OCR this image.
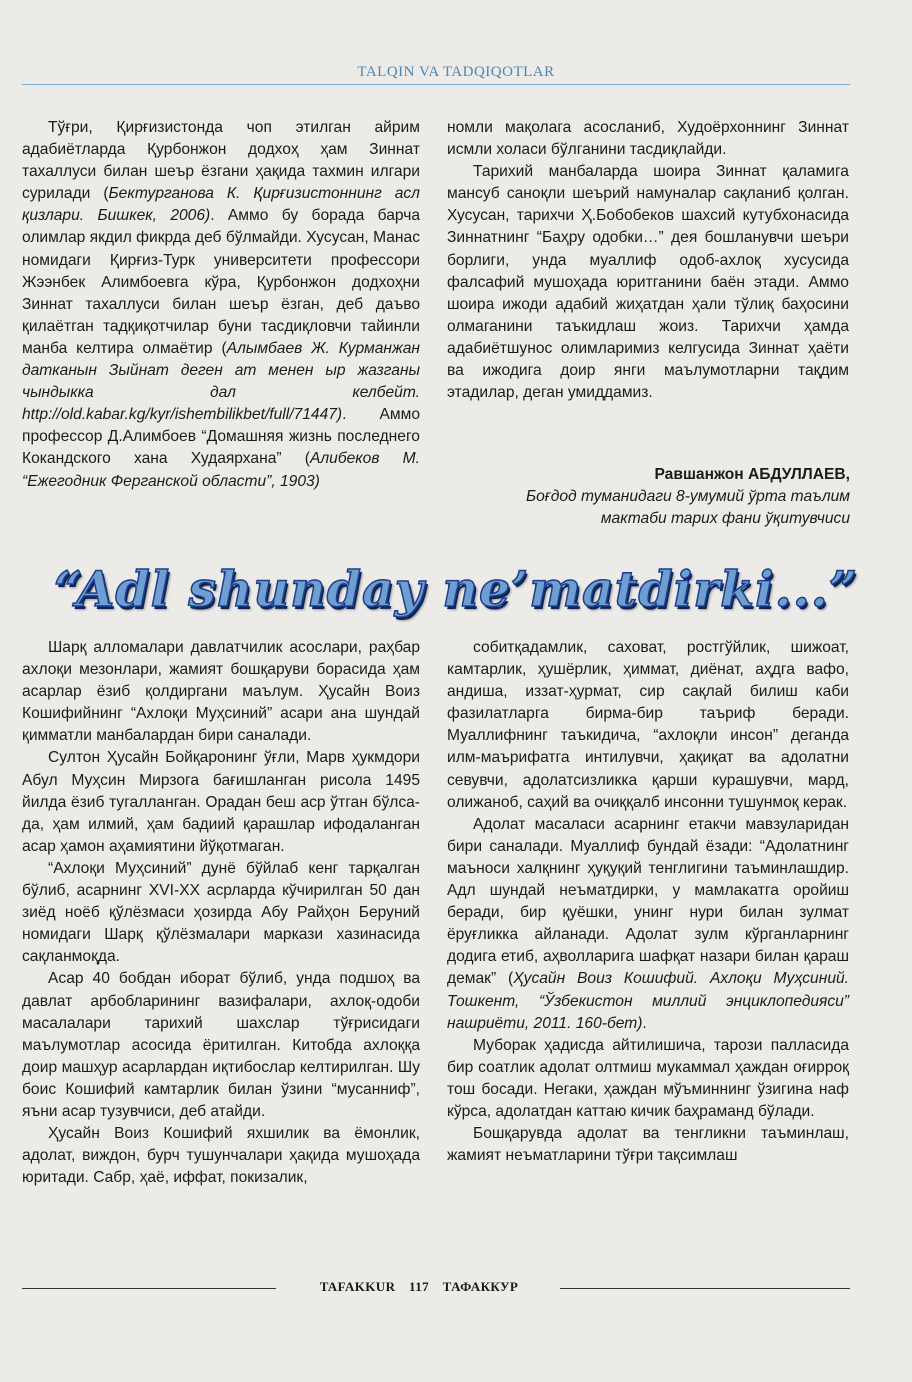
TALQIN VA TADQIQOTLAR

Тўғри, Қирғизистонда чоп этилган айрим адабиётларда Қурбонжон додхоҳ ҳам Зиннат тахаллуси билан шеър ёзгани ҳақида тахмин илгари сурилади (Бектурганова К. Қирғизистоннинг асл қизлари. Бишкек, 2006). Аммо бу борада барча олимлар якдил фикрда деб бўлмайди. Хусусан, Манас номидаги Қирғиз-Турк университети профессори Жээнбек Алимбоевга кўра, Қурбонжон додхоҳни Зиннат тахаллуси билан шеър ёзган, деб даъво қилаётган тадқиқотчилар буни тасдиқловчи тайинли манба келтира олмаётир (Алымбаев Ж. Курманжан датканын Зыйнат деген ат менен ыр жазганы чындыкка дал келбейт. http://old.kabar.kg/kyr/ishembilikbet/full/71447). Аммо профессор Д.Алимбоев “Домашняя жизнь последнего Кокандского хана Худаярхана” (Алибеков М. “Ежегодник Ферганской области”, 1903)

номли мақолага асосланиб, Худоёрхоннинг Зиннат исмли холаси бўлганини тасдиқлайди.

Тарихий манбаларда шоира Зиннат қаламига мансуб саноқли шеърий намуналар сақланиб қолган. Хусусан, тарихчи Ҳ.Бобобеков шахсий кутубхонасида Зиннатнинг “Баҳру одобки…” дея бошланувчи шеъри борлиги, унда муаллиф одоб-ахлоқ хусусида фалсафий мушоҳада юритганини баён этади. Аммо шоира ижоди адабий жиҳатдан ҳали тўлиқ баҳосини олмаганини таъкидлаш жоиз. Тарихчи ҳамда адабиётшунос олимларимиз келгусида Зиннат ҳаёти ва ижодига доир янги маълумотларни тақдим этадилар, деган умиддамиз.

Равшанжон АБДУЛЛАЕВ,
Боғдод туманидаги 8-умумий ўрта таълим
мактаби тарих фани ўқитувчиси
“Adl shunday ne’matdirki...”

Шарқ алломалари давлатчилик асослари, раҳбар ахлоқи мезонлари, жамият бошқаруви борасида ҳам асарлар ёзиб қолдиргани маълум. Ҳусайн Воиз Кошифийнинг “Ахлоқи Муҳсиний” асари ана шундай қимматли манбалардан бири саналади.

Султон Ҳусайн Бойқаронинг ўғли, Марв ҳукмдори Абул Муҳсин Мирзога бағишланган рисола 1495 йилда ёзиб тугалланган. Орадан беш аср ўтган бўлса-да, ҳам илмий, ҳам бадиий қарашлар ифодаланган асар ҳамон аҳамиятини йўқотмаган.

“Ахлоқи Муҳсиний” дунё бўйлаб кенг тарқалган бўлиб, асарнинг XVI-XX асрларда кўчирилган 50 дан зиёд ноёб қўлёзмаси ҳозирда Абу Райҳон Беруний номидаги Шарқ қўлёзмалари маркази хазинасида сақланмоқда.

Асар 40 бобдан иборат бўлиб, унда подшоҳ ва давлат арбобларининг вазифалари, ахлоқ-одоби масалалари тарихий шахслар тўғрисидаги маълумотлар асосида ёритилган. Китобда ахлоққа доир машҳур асарлардан иқтибослар келтирилган. Шу боис Кошифий камтарлик билан ўзини “мусанниф”, яъни асар тузувчиси, деб атайди.

Ҳусайн Воиз Кошифий яхшилик ва ёмонлик, адолат, виждон, бурч тушунчалари ҳақида мушоҳада юритади. Сабр, ҳаё, иффат, покизалик,

собитқадамлик, саховат, ростгўйлик, шижоат, камтарлик, ҳушёрлик, ҳиммат, диёнат, аҳдга вафо, андиша, иззат-ҳурмат, сир сақлай билиш каби фазилатларга бирма-бир таъриф беради. Муаллифнинг таъкидича, “ахлоқли инсон” деганда илм-маърифатга интилувчи, ҳақиқат ва адолатни севувчи, адолатсизликка қарши курашувчи, мард, олижаноб, саҳий ва очиққалб инсонни тушунмоқ керак.

Адолат масаласи асарнинг етакчи мавзуларидан бири саналади. Муаллиф бундай ёзади: “Адолатнинг маъноси халқнинг ҳуқуқий тенглигини таъминлашдир. Адл шундай неъматдирки, у мамлакатга оройиш беради, бир қуёшки, унинг нури билан зулмат ёруғликка айланади. Адолат зулм кўрганларнинг додига етиб, аҳволларига шафқат назари билан қараш демак” (Ҳусайн Воиз Кошифий. Ахлоқи Муҳсиний. Тошкент, “Ўзбекистон миллий энциклопедияси” нашриёти, 2011. 160-бет).

Муборак ҳадисда айтилишича, тарози палласида бир соатлик адолат олтмиш мукаммал ҳаждан оғирроқ тош босади. Негаки, ҳаждан мўъминнинг ўзигина наф кўрса, адолатдан каттаю кичик баҳраманд бўлади.

Бошқарувда адолат ва тенгликни таъминлаш, жамият неъматларини тўғри тақсимлаш

TAFAKKUR 117 ТАФАККУР
